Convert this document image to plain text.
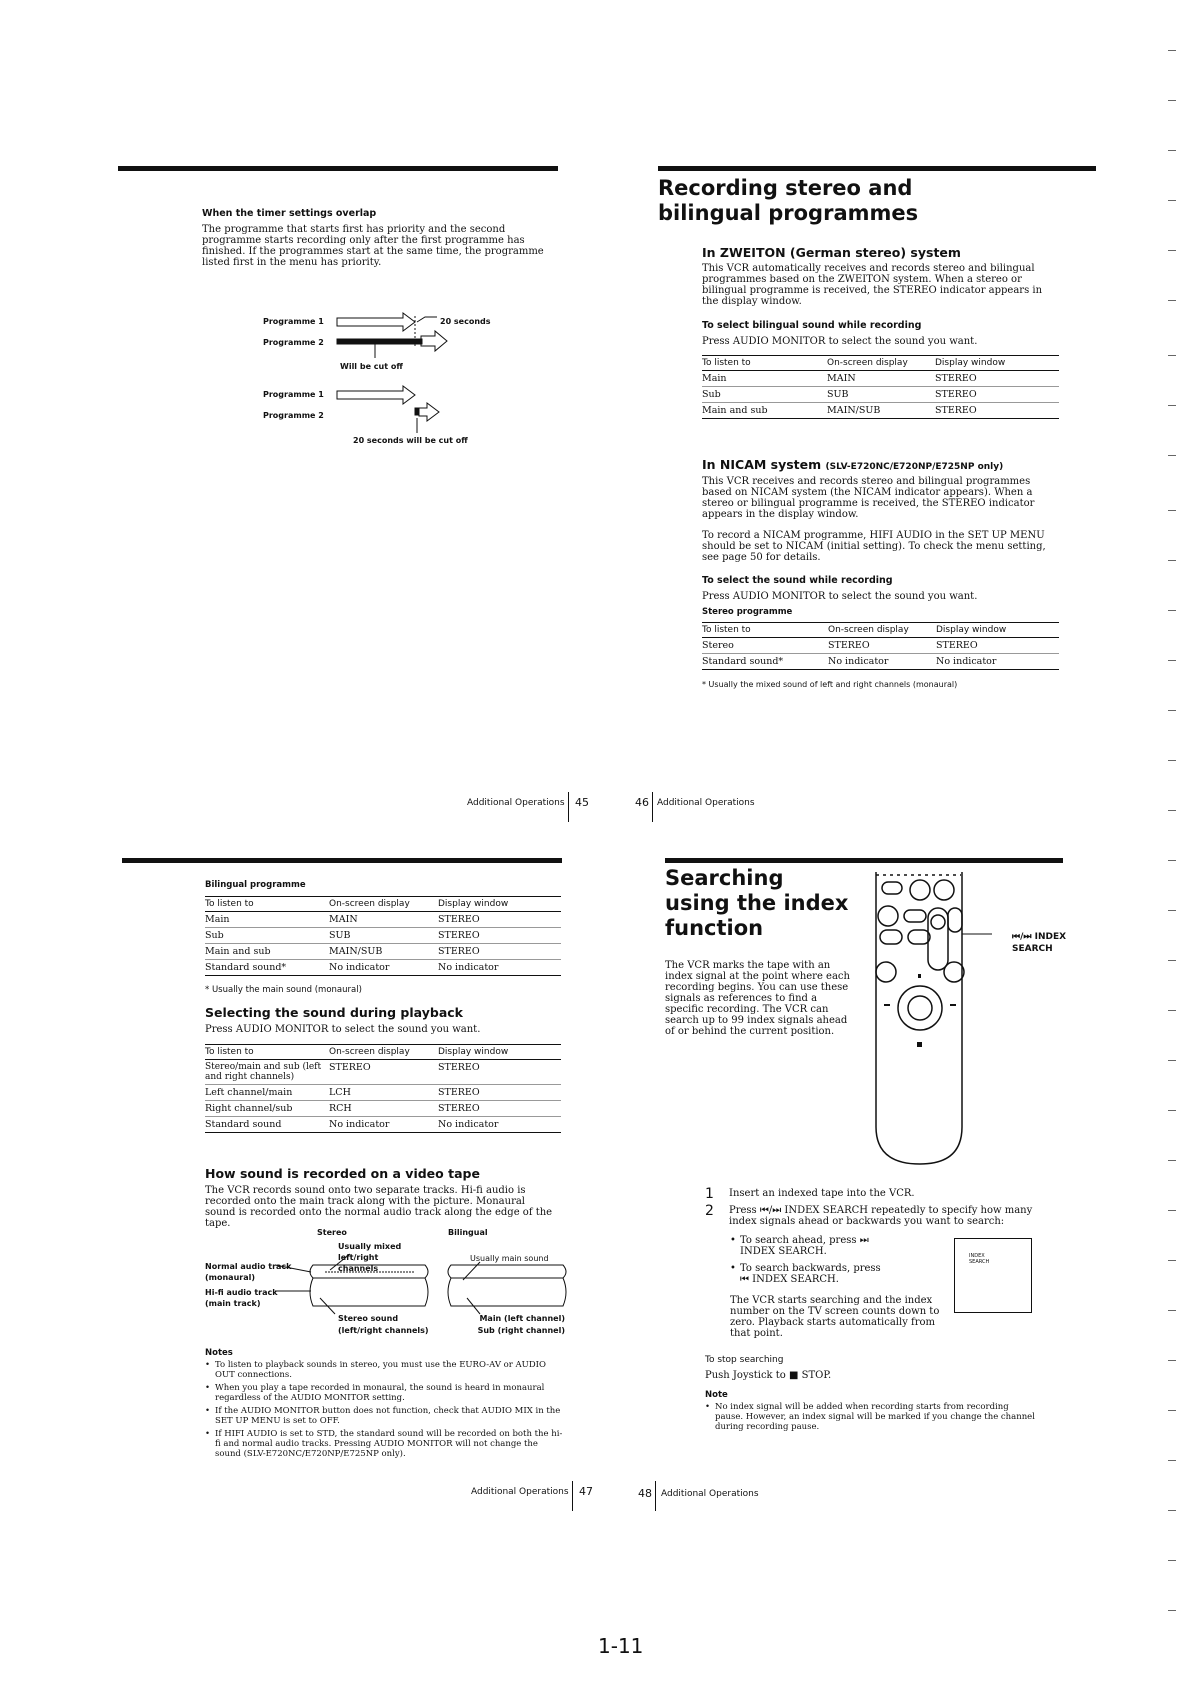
When the timer settings overlap
The programme that starts first has priority and the second programme starts recording only after the first programme has finished. If the programmes start at the same time, the programme listed first in the menu has priority.
Programme 1
Programme 2
20 seconds
Will be cut off
Programme 1
Programme 2
20 seconds will be cut off
Additional Operations 45
Recording stereo and bilingual programmes
In ZWEITON (German stereo) system
This VCR automatically receives and records stereo and bilingual programmes based on the ZWEITON system. When a stereo or bilingual programme is received, the STEREO indicator appears in the display window.
To select bilingual sound while recording
Press AUDIO MONITOR to select the sound you want.
To listen to	On-screen display	Display window
Main	MAIN	STEREO
Sub	SUB	STEREO
Main and sub	MAIN/SUB	STEREO
In NICAM system (SLV-E720NC/E720NP/E725NP only)
This VCR receives and records stereo and bilingual programmes based on NICAM system (the NICAM indicator appears). When a stereo or bilingual programme is received, the STEREO indicator appears in the display window.
To record a NICAM programme, HIFI AUDIO in the SET UP MENU should be set to NICAM (initial setting). To check the menu setting, see page 50 for details.
To select the sound while recording
Press AUDIO MONITOR to select the sound you want.
Stereo programme
To listen to	On-screen display	Display window
Stereo	STEREO	STEREO
Standard sound*	No indicator	No indicator
* Usually the mixed sound of left and right channels (monaural)
46 Additional Operations
Bilingual programme
To listen to	On-screen display	Display window
Main	MAIN	STEREO
Sub	SUB	STEREO
Main and sub	MAIN/SUB	STEREO
Standard sound*	No indicator	No indicator
* Usually the main sound (monaural)
Selecting the sound during playback
Press AUDIO MONITOR to select the sound you want.
To listen to	On-screen display	Display window
Stereo/main and sub (left and right channels)	STEREO	STEREO
Left channel/main	LCH	STEREO
Right channel/sub	RCH	STEREO
Standard sound	No indicator	No indicator
How sound is recorded on a video tape
The VCR records sound onto two separate tracks. Hi-fi audio is recorded onto the main track along with the picture. Monaural sound is recorded onto the normal audio track along the edge of the tape.
Stereo	Bilingual
Usually mixed left/right channels
Usually main sound
Normal audio track (monaural)
Hi-fi audio track (main track)
Stereo sound (left/right channels)
Main (left channel) Sub (right channel)
Notes
• To listen to playback sounds in stereo, you must use the EURO-AV or AUDIO OUT connections.
• When you play a tape recorded in monaural, the sound is heard in monaural regardless of the AUDIO MONITOR setting.
• If the AUDIO MONITOR button does not function, check that AUDIO MIX in the SET UP MENU is set to OFF.
• If HIFI AUDIO is set to STD, the standard sound will be recorded on both the hi-fi and normal audio tracks. Pressing AUDIO MONITOR will not change the sound (SLV-E720NC/E720NP/E725NP only).
Additional Operations 47
Searching using the index function
The VCR marks the tape with an index signal at the point where each recording begins. You can use these signals as references to find a specific recording. The VCR can search up to 99 index signals ahead of or behind the current position.
⏮/⏭ INDEX SEARCH
1	Insert an indexed tape into the VCR.
2	Press ⏮/⏭ INDEX SEARCH repeatedly to specify how many index signals ahead or backwards you want to search:
• To search ahead, press ⏭ INDEX SEARCH.
• To search backwards, press ⏮ INDEX SEARCH.
INDEX SEARCH
The VCR starts searching and the index number on the TV screen counts down to zero. Playback starts automatically from that point.
To stop searching
Push Joystick to ■ STOP.
Note
• No index signal will be added when recording starts from recording pause. However, an index signal will be marked if you change the channel during recording pause.
48 Additional Operations
1-11
